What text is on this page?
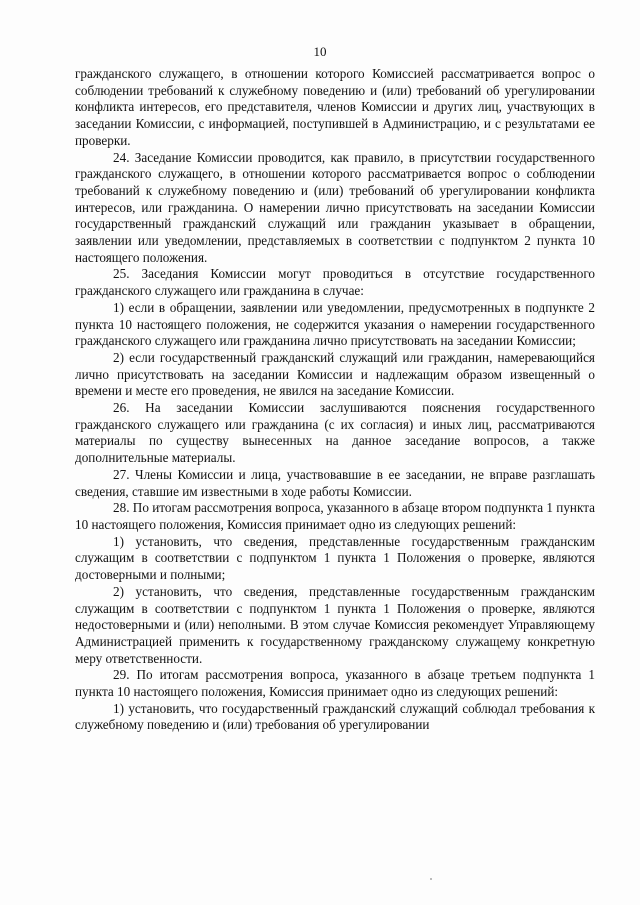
10

гражданского служащего, в отношении которого Комиссией рассматривается вопрос о соблюдении требований к служебному поведению и (или) требований об урегулировании конфликта интересов, его представителя, членов Комиссии и других лиц, участвующих в заседании Комиссии, с информацией, поступившей в Администрацию, и с результатами ее проверки.

24. Заседание Комиссии проводится, как правило, в присутствии государственного гражданского служащего, в отношении которого рассматривается вопрос о соблюдении требований к служебному поведению и (или) требований об урегулировании конфликта интересов, или гражданина. О намерении лично присутствовать на заседании Комиссии государственный гражданский служащий или гражданин указывает в обращении, заявлении или уведомлении, представляемых в соответствии с подпунктом 2 пункта 10 настоящего положения.

25. Заседания Комиссии могут проводиться в отсутствие государственного гражданского служащего или гражданина в случае:

1) если в обращении, заявлении или уведомлении, предусмотренных в подпункте 2 пункта 10 настоящего положения, не содержится указания о намерении государственного гражданского служащего или гражданина лично присутствовать на заседании Комиссии;

2) если государственный гражданский служащий или гражданин, намеревающийся лично присутствовать на заседании Комиссии и надлежащим образом извещенный о времени и месте его проведения, не явился на заседание Комиссии.

26. На заседании Комиссии заслушиваются пояснения государственного гражданского служащего или гражданина (с их согласия) и иных лиц, рассматриваются материалы по существу вынесенных на данное заседание вопросов, а также дополнительные материалы.

27. Члены Комиссии и лица, участвовавшие в ее заседании, не вправе разглашать сведения, ставшие им известными в ходе работы Комиссии.

28. По итогам рассмотрения вопроса, указанного в абзаце втором подпункта 1 пункта 10 настоящего положения, Комиссия принимает одно из следующих решений:

1) установить, что сведения, представленные государственным гражданским служащим в соответствии с подпунктом 1 пункта 1 Положения о проверке, являются достоверными и полными;

2) установить, что сведения, представленные государственным гражданским служащим в соответствии с подпунктом 1 пункта 1 Положения о проверке, являются недостоверными и (или) неполными. В этом случае Комиссия рекомендует Управляющему Администрацией применить к государственному гражданскому служащему конкретную меру ответственности.

29. По итогам рассмотрения вопроса, указанного в абзаце третьем подпункта 1 пункта 10 настоящего положения, Комиссия принимает одно из следующих решений:

1) установить, что государственный гражданский служащий соблюдал требования к служебному поведению и (или) требования об урегулировании
